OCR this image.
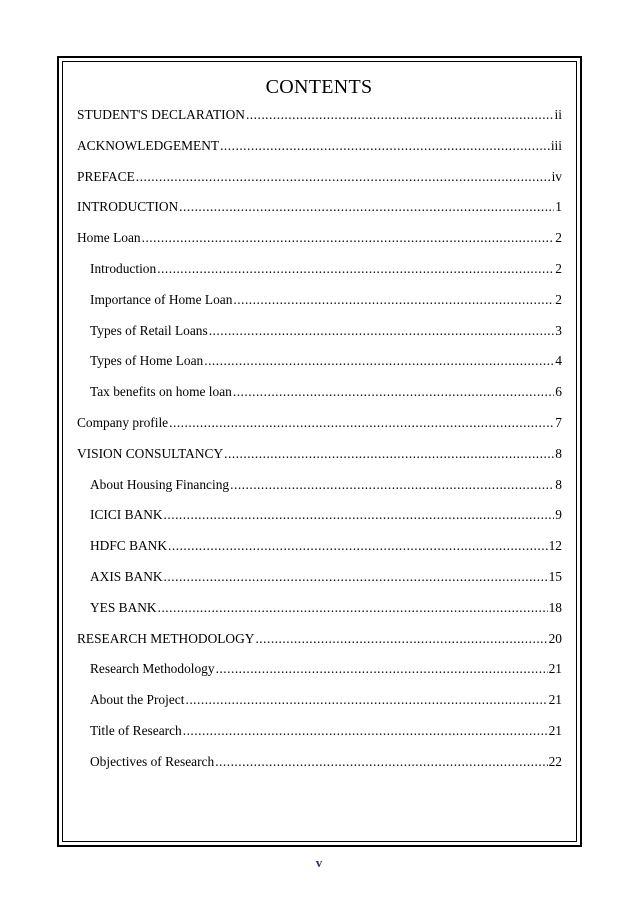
CONTENTS
STUDENT'S DECLARATION .....	ii
ACKNOWLEDGEMENT .....	iii
PREFACE .....	iv
INTRODUCTION .....	1
Home Loan .....	2
Introduction .....	2
Importance of Home Loan .....	2
Types of Retail Loans .....	3
Types of Home Loan .....	4
Tax benefits on home loan .....	6
Company profile .....	7
VISION CONSULTANCY .....	8
About Housing Financing .....	8
ICICI BANK .....	9
HDFC BANK .....	12
AXIS BANK .....	15
YES BANK .....	18
RESEARCH METHODOLOGY .....	20
Research Methodology .....	21
About the Project .....	21
Title of Research .....	21
Objectives of Research .....	22
v
